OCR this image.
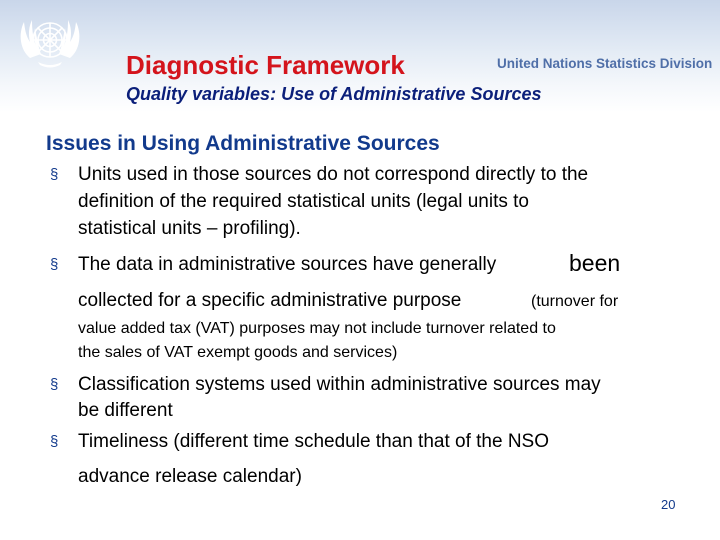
Diagnostic Framework	United Nations Statistics Division
Quality variables: Use of Administrative Sources
Issues in Using Administrative Sources
§ Units used in those sources do not correspond directly to the
definition of the required statistical units (legal units to
statistical units – profiling).
§ The data in administrative sources have generally	been
collected for a specific administrative purpose	(turnover for
value added tax (VAT) purposes may not include turnover related to
the sales of VAT exempt goods and services)
§ Classification systems used within administrative sources may
be different
§ Timeliness (different time schedule than that of the NSO
advance release calendar)
20
